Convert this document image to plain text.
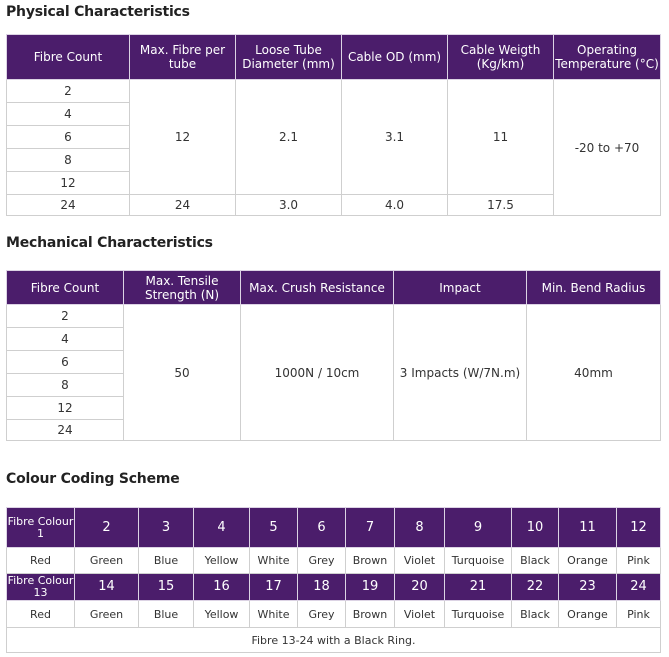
Physical Characteristics
Fibre Count	Max. Fibre per tube	Loose Tube Diameter (mm)	Cable OD (mm)	Cable Weigth (Kg/km)	Operating Temperature (°C)
2	12	2.1	3.1	11	-20 to +70
4					
6					
8					
12					
24	24	3.0	4.0	17.5	
Mechanical Characteristics
Fibre Count	Max. Tensile Strength (N)	Max. Crush Resistance	Impact	Min. Bend Radius
2	50	1000N / 10cm	3 Impacts (W/7N.m)	40mm
4				
6				
8				
12				
24				
Colour Coding Scheme
Fibre Colour 1	2	3	4	5	6	7	8	9	10	11	12
Red	Green	Blue	Yellow	White	Grey	Brown	Violet	Turquoise	Black	Orange	Pink
Fibre Colour 13	14	15	16	17	18	19	20	21	22	23	24
Red	Green	Blue	Yellow	White	Grey	Brown	Violet	Turquoise	Black	Orange	Pink
Fibre 13-24 with a Black Ring.											
